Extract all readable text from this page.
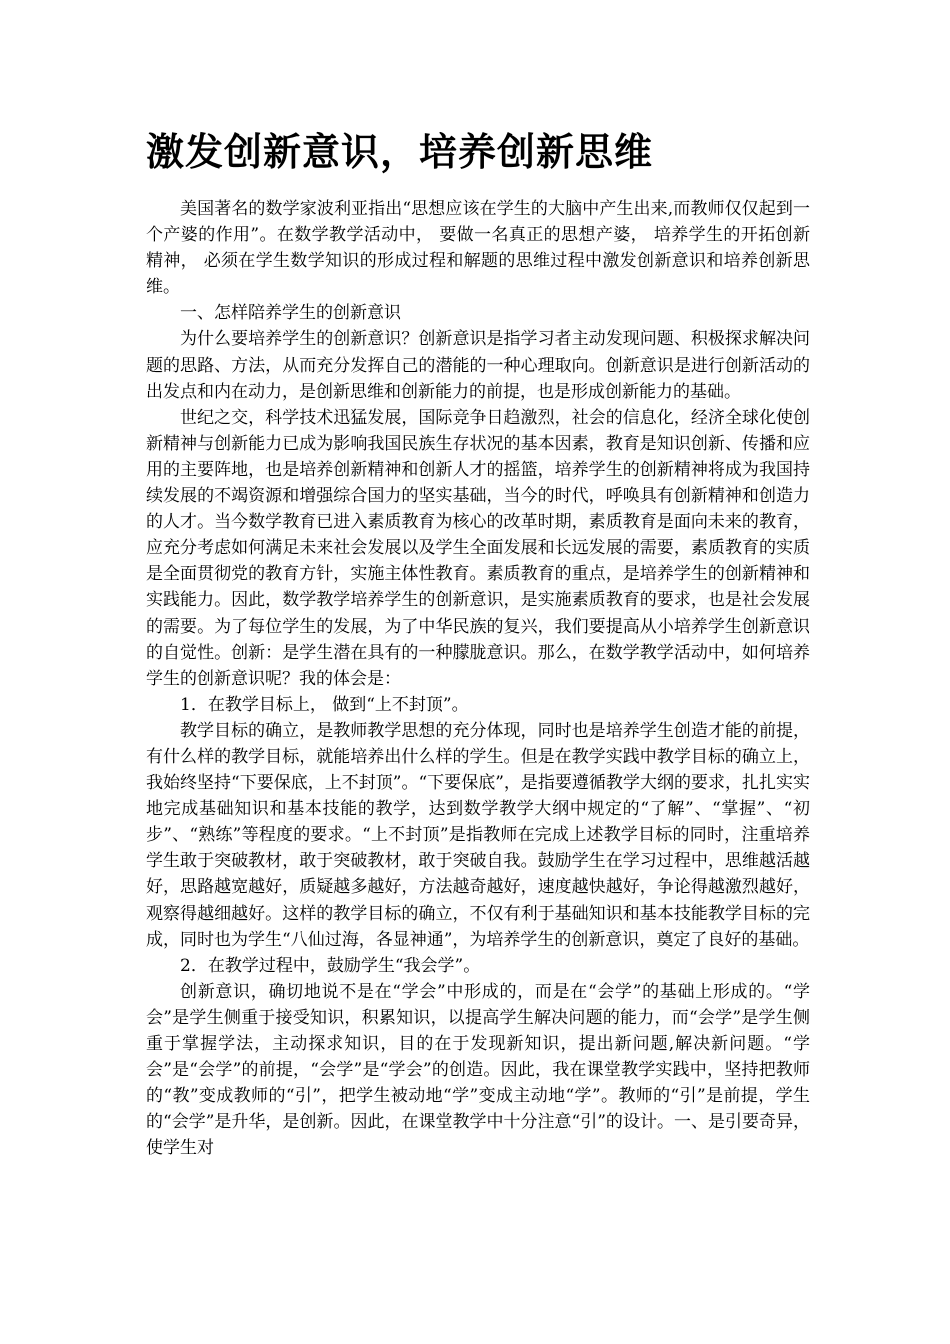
激发创新意识，培养创新思维

美国著名的数学家波利亚指出“思想应该在学生的大脑中产生出来,而教师仅仅起到一个产婆的作用”。在数学教学活动中， 要做一名真正的思想产婆， 培养学生的开拓创新精神， 必须在学生数学知识的形成过程和解题的思维过程中激发创新意识和培养创新思维。

一、怎样陪养学生的创新意识

为什么要培养学生的创新意识？创新意识是指学习者主动发现问题、积极探求解决问题的思路、方法，从而充分发挥自己的潜能的一种心理取向。创新意识是进行创新活动的出发点和内在动力，是创新思维和创新能力的前提，也是形成创新能力的基础。

世纪之交，科学技术迅猛发展，国际竞争日趋激烈，社会的信息化，经济全球化使创新精神与创新能力已成为影响我国民族生存状况的基本因素，教育是知识创新、传播和应用的主要阵地，也是培养创新精神和创新人才的摇篮，培养学生的创新精神将成为我国持续发展的不竭资源和增强综合国力的坚实基础，当今的时代，呼唤具有创新精神和创造力的人才。当今数学教育已进入素质教育为核心的改革时期，素质教育是面向未来的教育，应充分考虑如何满足未来社会发展以及学生全面发展和长远发展的需要，素质教育的实质是全面贯彻党的教育方针，实施主体性教育。素质教育的重点，是培养学生的创新精神和实践能力。因此，数学教学培养学生的创新意识，是实施素质教育的要求，也是社会发展的需要。为了每位学生的发展，为了中华民族的复兴，我们要提高从小培养学生创新意识的自觉性。创新：是学生潜在具有的一种朦胧意识。那么，在数学教学活动中，如何培养学生的创新意识呢？我的体会是：

1．在教学目标上， 做到“上不封顶”。

教学目标的确立，是教师教学思想的充分体现，同时也是培养学生创造才能的前提，有什么样的教学目标，就能培养出什么样的学生。但是在教学实践中教学目标的确立上，我始终坚持“下要保底，上不封顶”。“下要保底”，是指要遵循教学大纲的要求，扎扎实实地完成基础知识和基本技能的教学，达到数学教学大纲中规定的“了解”、“掌握”、“初步”、“熟练”等程度的要求。“上不封顶”是指教师在完成上述教学目标的同时，注重培养学生敢于突破教材，敢于突破教材，敢于突破自我。鼓励学生在学习过程中，思维越活越好，思路越宽越好，质疑越多越好，方法越奇越好，速度越快越好，争论得越激烈越好，观察得越细越好。这样的教学目标的确立，不仅有利于基础知识和基本技能教学目标的完成，同时也为学生“八仙过海，各显神通”，为培养学生的创新意识，奠定了良好的基础。

2．在教学过程中，鼓励学生“我会学”。

创新意识，确切地说不是在“学会”中形成的，而是在“会学”的基础上形成的。“学会”是学生侧重于接受知识，积累知识，以提高学生解决问题的能力，而“会学”是学生侧重于掌握学法，主动探求知识，目的在于发现新知识，提出新问题,解决新问题。“学会”是“会学”的前提，“会学”是“学会”的创造。因此，我在课堂教学实践中，坚持把教师的“教”变成教师的“引”，把学生被动地“学”变成主动地“学”。教师的“引”是前提，学生的“会学”是升华，是创新。因此，在课堂教学中十分注意“引”的设计。一、是引要奇异，使学生对
